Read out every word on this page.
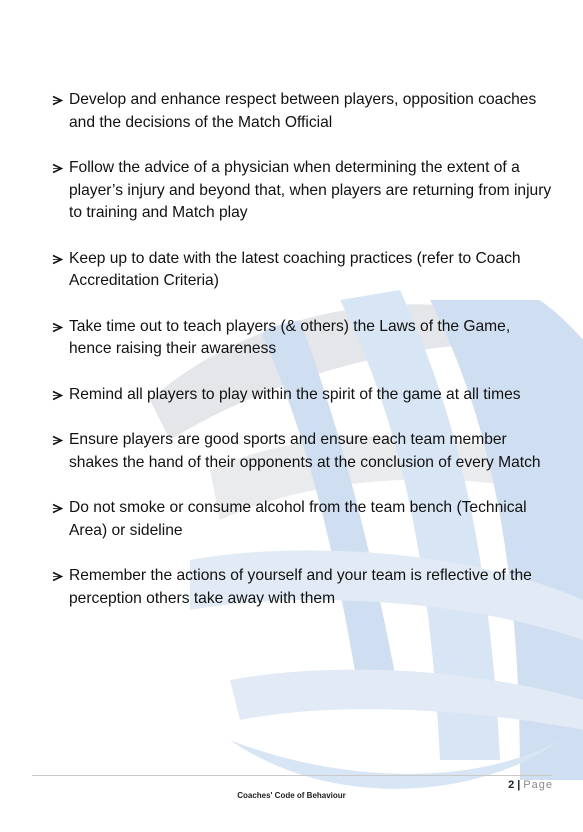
Develop and enhance respect between players, opposition coaches and the decisions of the Match Official
Follow the advice of a physician when determining the extent of a player’s injury and beyond that, when players are returning from injury to training and Match play
Keep up to date with the latest coaching practices (refer to Coach Accreditation Criteria)
Take time out to teach players (& others) the Laws of the Game, hence raising their awareness
Remind all players to play within the spirit of the game at all times
Ensure players are good sports and ensure each team member shakes the hand of their opponents at the conclusion of every Match
Do not smoke or consume alcohol from the team bench (Technical Area) or sideline
Remember the actions of yourself and your team is reflective of the perception others take away with them
2 | Page
Coaches' Code of Behaviour
